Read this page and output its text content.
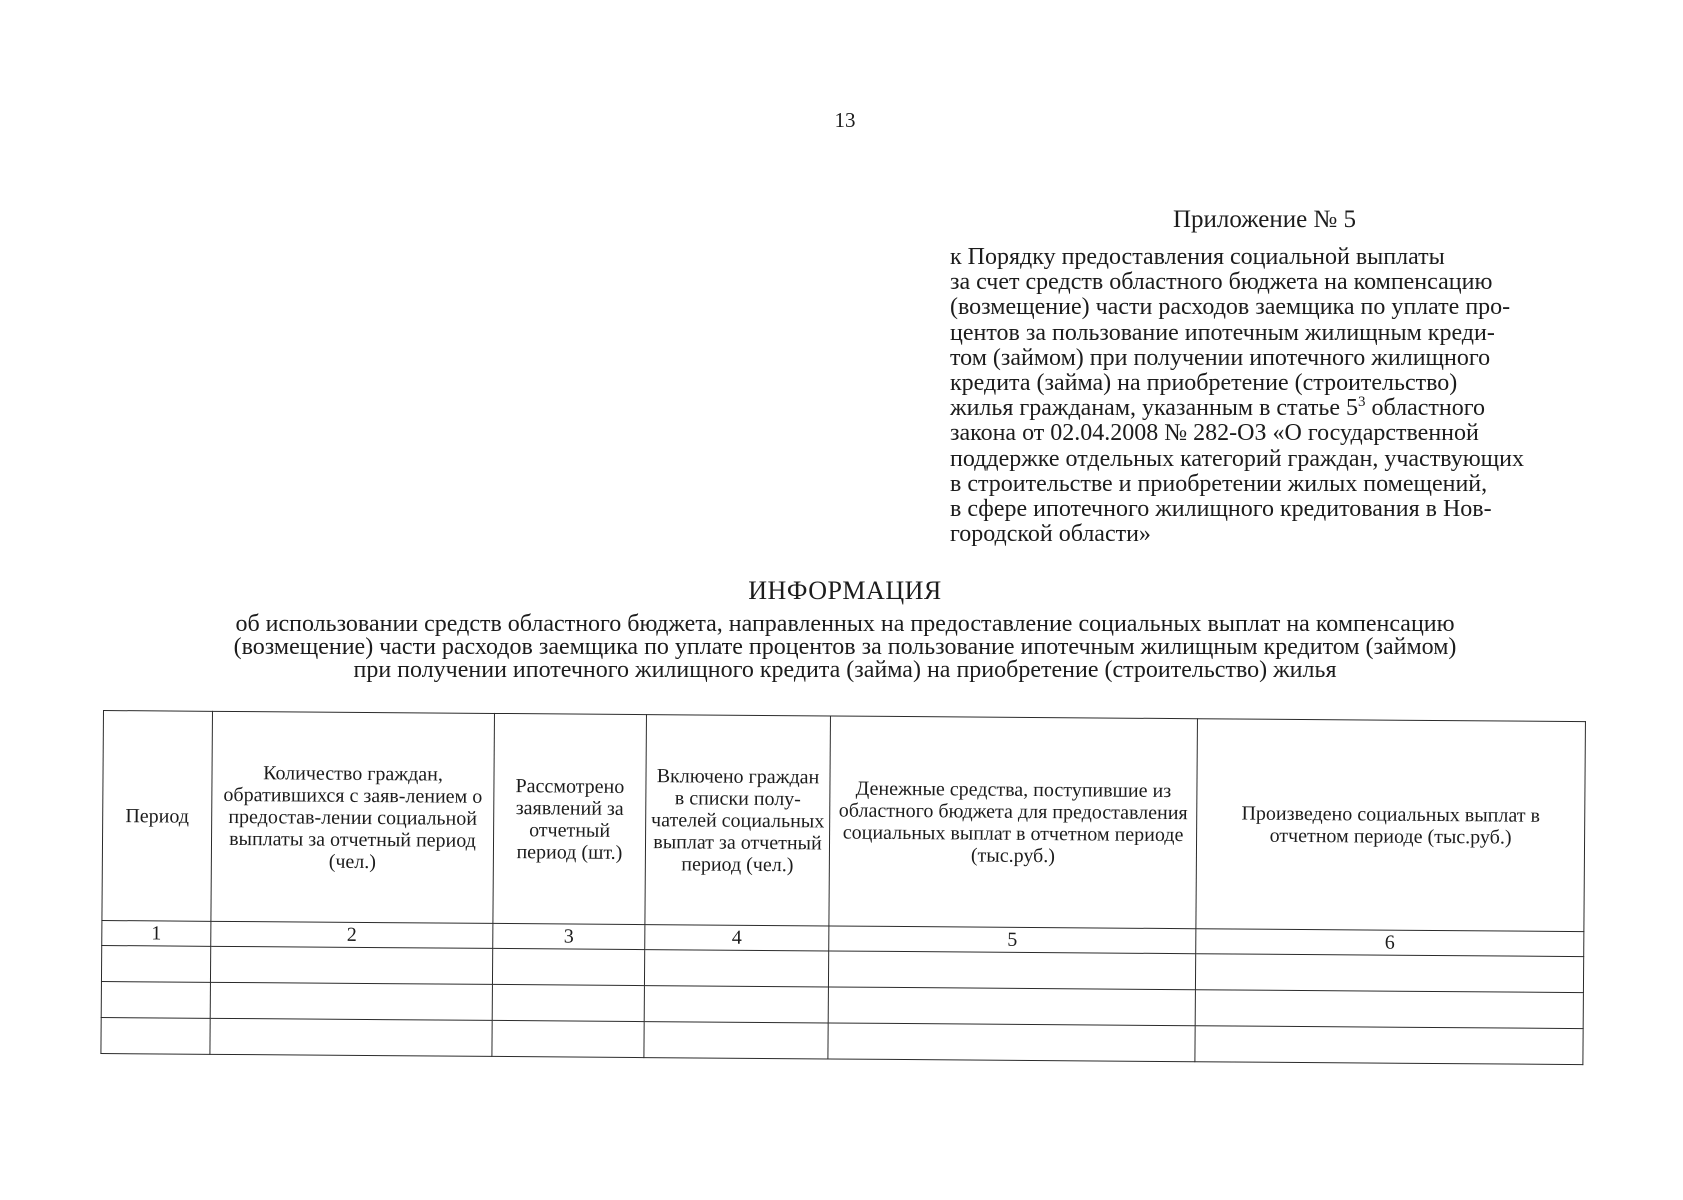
13
Приложение № 5
к Порядку предоставления социальной выплаты
за счет средств областного бюджета на компенсацию
(возмещение) части расходов заемщика по уплате про-
центов за пользование ипотечным жилищным креди-
том (займом) при получении ипотечного жилищного
кредита (займа) на приобретение (строительство)
жилья гражданам, указанным в статье $5^3$ областного
закона от 02.04.2008 № 282-ОЗ «О государственной
поддержке отдельных категорий граждан, участвующих
в строительстве и приобретении жилых помещений,
в сфере ипотечного жилищного кредитования в Нов-
городской области»
ИНФОРМАЦИЯ
об использовании средств областного бюджета, направленных на предоставление социальных выплат на компенсацию
(возмещение) части расходов заемщика по уплате процентов за пользование ипотечным жилищным кредитом (займом)
при получении ипотечного жилищного кредита (займа) на приобретение (строительство) жилья
Период	Количество граждан, обратившихся с заяв-лением о предостав-лении социальной выплаты за отчетный период (чел.)	Рассмотрено заявлений за отчетный период (шт.)	Включено граждан в списки полу-чателей социальных выплат за отчетный период (чел.)	Денежные средства, поступившие из областного бюджета для предоставления социальных выплат в отчетном периоде (тыс.руб.)	Произведено социальных выплат в отчетном периоде (тыс.руб.)
1	2	3	4	5	6
